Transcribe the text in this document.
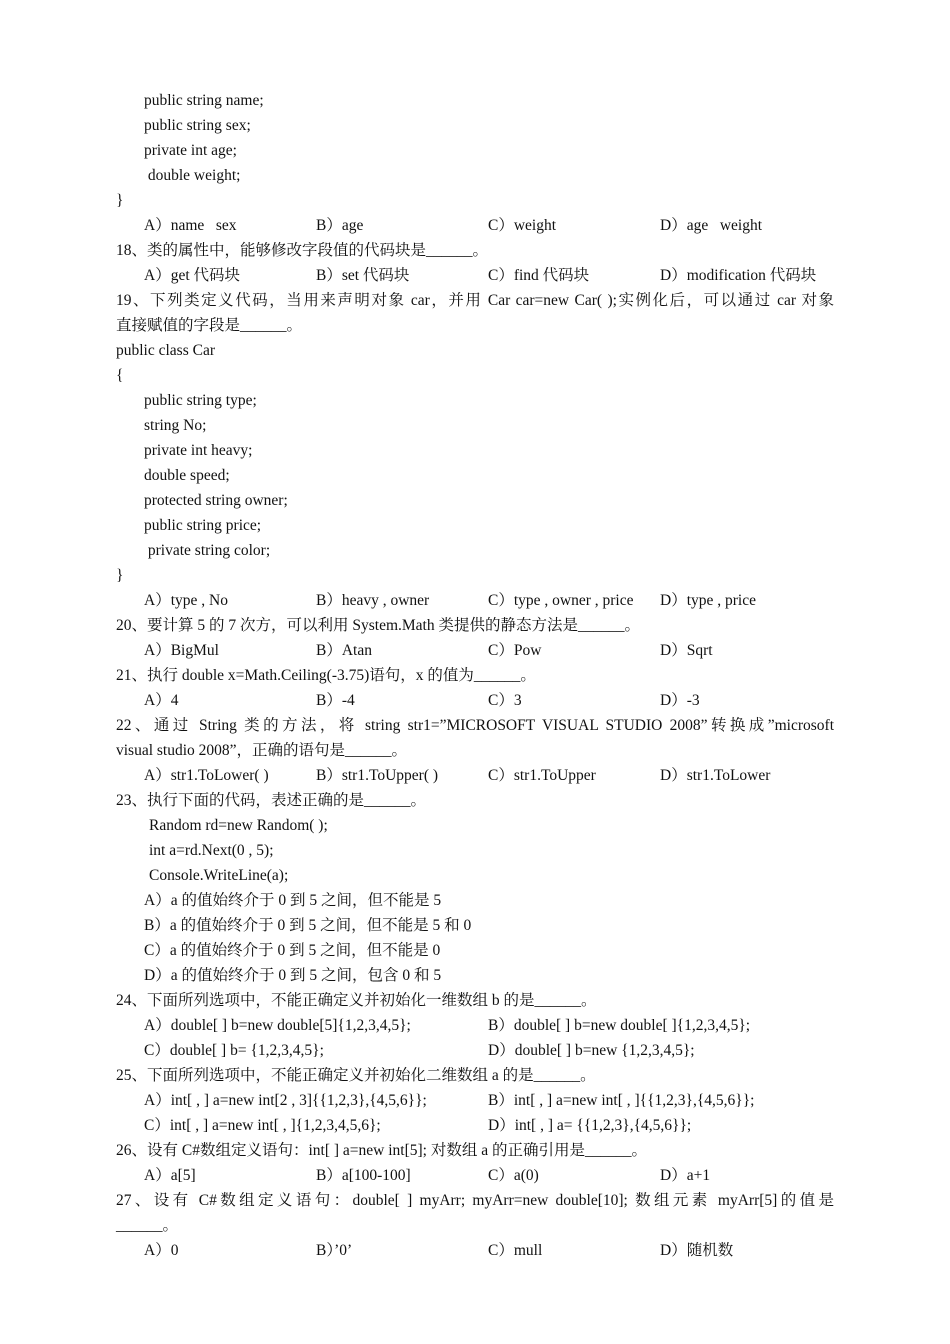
public string name;
public string sex;
private int age;
double weight;
}
A）name   sex	B）age	C）weight	D）age   weight
18、类的属性中，能够修改字段值的代码块是______。
A）get 代码块	B）set 代码块	C）find 代码块	D）modification 代码块
19、下列类定义代码，当用来声明对象 car，并用 Car car=new Car( );实例化后，可以通过 car 对象
直接赋值的字段是______。
public class Car
{
public string type;
string No;
private int heavy;
double speed;
protected string owner;
public string price;
private string color;
}
A）type , No	B）heavy , owner	C）type , owner , price D）type , price
20、要计算 5 的 7 次方，可以利用 System.Math 类提供的静态方法是______。
A）BigMul	B）Atan	C）Pow	D）Sqrt
21、执行 double x=Math.Ceiling(-3.75)语句，x 的值为______。
A）4	B）-4	C）3	D）-3
22、通过 String 类的方法，将 string str1=”MICROSOFT VISUAL STUDIO 2008”转换成”microsoft
visual studio 2008”，正确的语句是______。
A）str1.ToLower( )	B）str1.ToUpper( )	C）str1.ToUpper	D）str1.ToLower
23、执行下面的代码，表述正确的是______。
Random rd=new Random( );
int a=rd.Next(0 , 5);
Console.WriteLine(a);
A）a 的值始终介于 0 到 5 之间，但不能是 5
B）a 的值始终介于 0 到 5 之间，但不能是 5 和 0
C）a 的值始终介于 0 到 5 之间，但不能是 0
D）a 的值始终介于 0 到 5 之间，包含 0 和 5
24、下面所列选项中，不能正确定义并初始化一维数组 b 的是______。
A）double[ ] b=new double[5]{1,2,3,4,5};	B）double[ ] b=new double[ ]{1,2,3,4,5};
C）double[ ] b= {1,2,3,4,5};	D）double[ ] b=new {1,2,3,4,5};
25、下面所列选项中，不能正确定义并初始化二维数组 a 的是______。
A）int[ , ] a=new int[2 , 3]{{1,2,3},{4,5,6}};	B）int[ , ] a=new int[ , ]{{1,2,3},{4,5,6}};
C）int[ , ] a=new int[ , ]{1,2,3,4,5,6};	D）int[ , ] a= {{1,2,3},{4,5,6}};
26、设有 C#数组定义语句：int[ ] a=new int[5]; 对数组 a 的正确引用是______。
A）a[5]	B）a[100-100]	C）a(0)	D）a+1
27、设有 C#数组定义语句：double[ ] myArr; myArr=new double[10]; 数组元素 myArr[5]的值是
______。
A）0	B）’0’	C）mull	D）随机数
